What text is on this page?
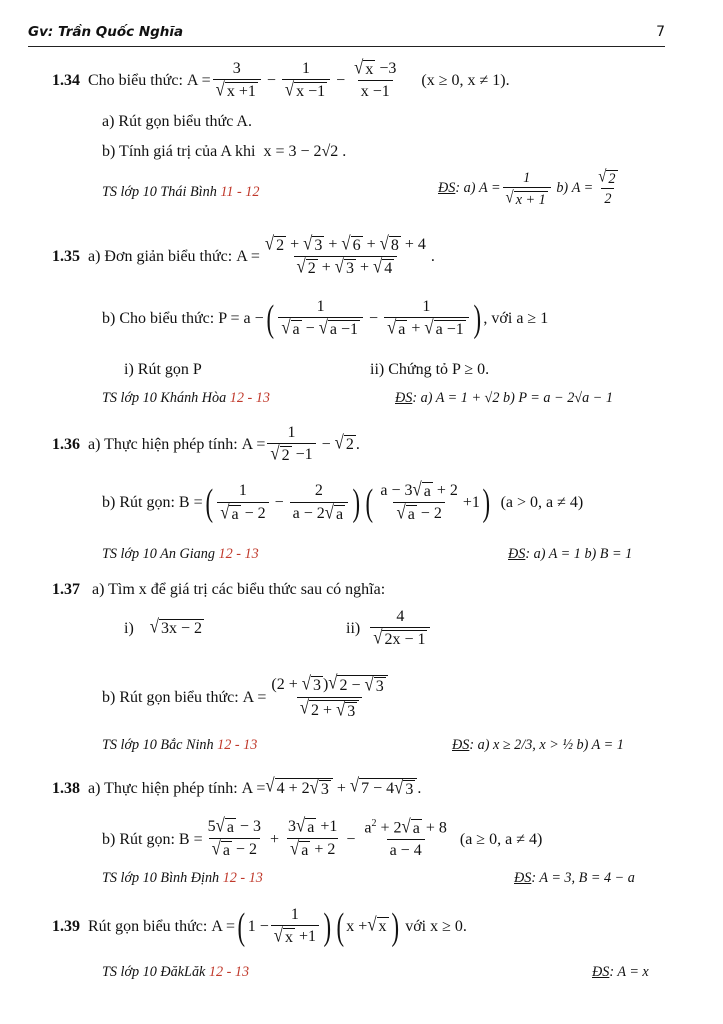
Gv: Trần Quốc Nghĩa	7
1.34
Cho biểu thức:
$A = \frac{3}{√ x +1} - \frac{1}{√ x -1} - \frac{√ x -3}{x -1}$
(x ≥ 0, x ≠ 1).
a) Rút gọn biểu thức A.
b) Tính giá trị của A khi x = 3 − 2√2 .
TS lớp 10 Thái Bình 11 - 12	ĐS : a) $A = \frac{1}{√ x + 1}$
b) $A = \frac{√ 2}{2}$
1.35
a) Đơn giản biểu thức: $A = \frac{√ 2 + √ 3 + √ 6 + √ 8 + 4}{√ 2 + √ 3 + √ 4}$ .
b) Cho biểu thức: P = a − ( $\frac{1}{√ a - √ a -1} - \frac{1}{√ a + √ a -1}$ ) , với a ≥ 1
i) Rút gọn P	ii) Chứng tỏ P ≥ 0.
TS lớp 10 Khánh Hòa 12 - 13	ĐS: a) A = 1 + √2 b) P = a − 2√a − 1
1.36
a) Thực hiện phép tính: $A = \frac{1}{√ 2 -1}$ − √ 2 .
b) Rút gọn: B = ( $\frac{1}{√ a - 2} - \frac{2}{a - 2 √ a}$ ) ( $\frac{a - 3 √ a + 2}{√ a - 2} +1$ )
(a > 0, a ≠ 4)
TS lớp 10 An Giang 12 - 13	ĐS: a) A = 1 b) B = 1
1.37 a) Tìm x để giá trị các biểu thức sau có nghĩa:
i)
√ 3x − 2	ii)
$\frac{4}{√ 2x - 1}$
b) Rút gọn biểu thức: $A = \frac{(2 + √ 3 ) √ 2 - √ 3}{√ 2 + √ 3}$
TS lớp 10 Bắc Ninh 12 - 13	ĐS: a) x ≥ 2/3, x > ½ b) A = 1
1.38
a) Thực hiện phép tính: A = √ 4 + 2 √ 3 + √ 7 − 4 √ 3 .
b) Rút gọn: $B = \frac{5 √ a - 3}{√ a - 2} + \frac{3 √ a +1}{√ a + 2} - \frac{a^2 + 2 √ a + 8}{a - 4}$
(a ≥ 0, a ≠ 4)
TS lớp 10 Bình Định 12 - 13	ĐS: A = 3, B = 4 − a
1.39
Rút gọn biểu thức: A = ( $1 - \frac{1}{√ x +1}$ ) ( x + √ x )
với x ≥ 0.
TS lớp 10 ĐăkLăk 12 - 13	ĐS: A = x
